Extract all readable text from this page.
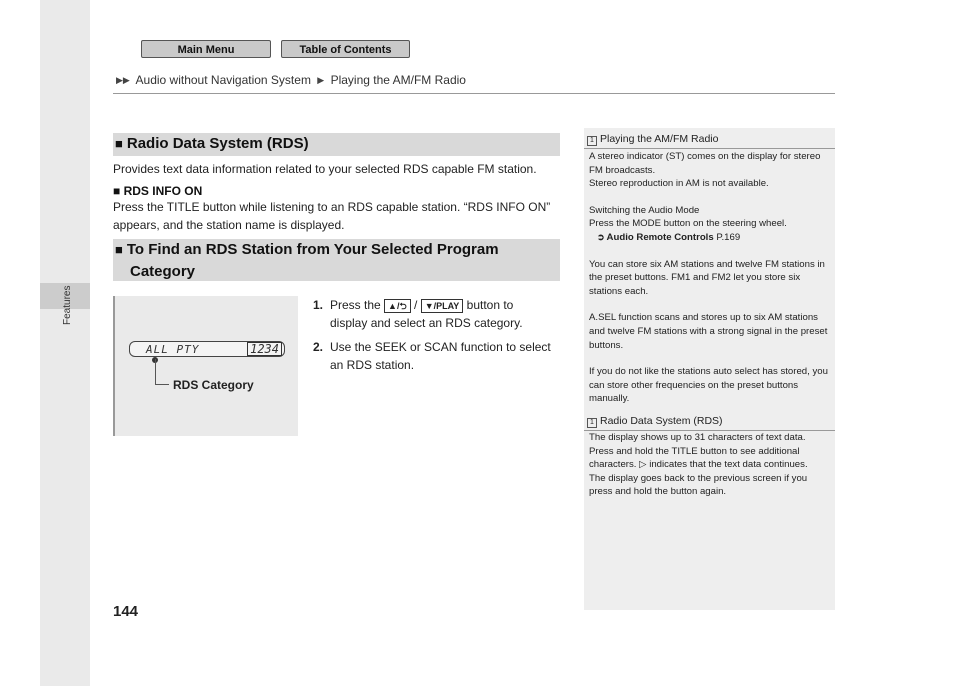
Main Menu	Table of Contents
▶▶ Audio without Navigation System ▶ Playing the AM/FM Radio
Features
■ Radio Data System (RDS)
Provides text data information related to your selected RDS capable FM station.
■ RDS INFO ON
Press the TITLE button while listening to an RDS capable station. “RDS INFO ON” appears, and the station name is displayed.
■ To Find an RDS Station from Your Selected Program
Category
ALL PTY	1234
RDS Category
1. Press the ▲/⮌ / ▼/PLAY button to display and select an RDS category.
2. Use the SEEK or SCAN function to select an RDS station.
1 Playing the AM/FM Radio

A stereo indicator (ST) comes on the display for stereo FM broadcasts.

Stereo reproduction in AM is not available.

Switching the Audio Mode

Press the MODE button on the steering wheel.

➲ Audio Remote Controls P.169

You can store six AM stations and twelve FM stations in the preset buttons. FM1 and FM2 let you store six stations each.

A.SEL function scans and stores up to six AM stations and twelve FM stations with a strong signal in the preset buttons.

If you do not like the stations auto select has stored, you can store other frequencies on the preset buttons manually.

1 Radio Data System (RDS)

The display shows up to 31 characters of text data. Press and hold the TITLE button to see additional characters. ▷ indicates that the text data continues.

The display goes back to the previous screen if you press and hold the button again.

144
